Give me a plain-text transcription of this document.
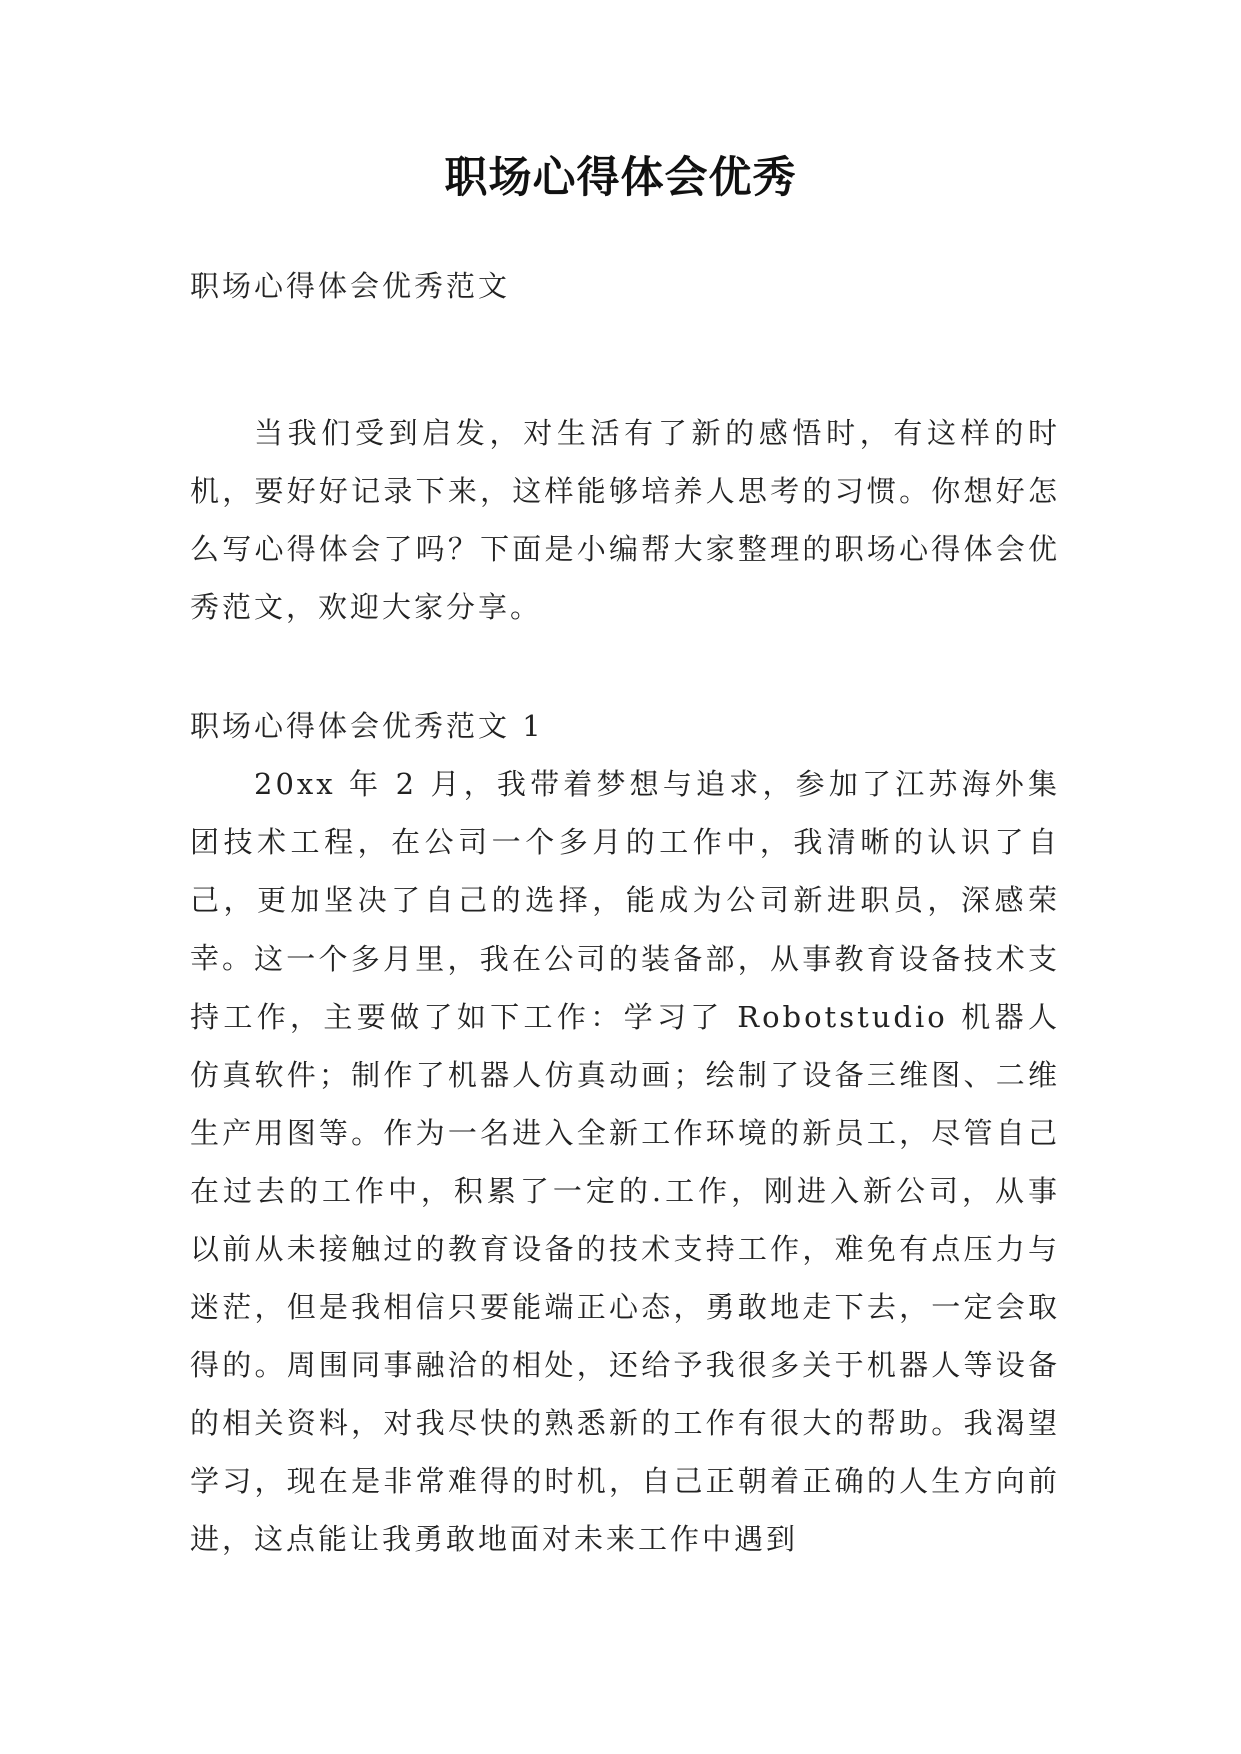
职场心得体会优秀

职场心得体会优秀范文

当我们受到启发，对生活有了新的感悟时，有这样的时机，要好好记录下来，这样能够培养人思考的习惯。你想好怎么写心得体会了吗？下面是小编帮大家整理的职场心得体会优秀范文，欢迎大家分享。

职场心得体会优秀范文 1

20xx 年 2 月，我带着梦想与追求，参加了江苏海外集团技术工程，在公司一个多月的工作中，我清晰的认识了自己，更加坚决了自己的选择，能成为公司新进职员，深感荣幸。 这一个多月里，我在公司的装备部，从事教育设备技术支持工作，主要做了如下工作：学习了 Robotstudio 机器人仿真软件；制作了机器人仿真动画；绘制了设备三维图、二维生产用图等。作为一名进入全新工作环境的新员工，尽管自己在过去的工作中，积累了一定的.工作，刚进入新公司，从事以前从未接触过的教育设备的技术支持工作，难免有点压力与迷茫，但是我相信只要能端正心态，勇敢地走下去，一定会取得的。周围同事融洽的相处，还给予我很多关于机器人等设备的相关资料，对我尽快的熟悉新的工作有很大的帮助。我渴望学习，现在是非常难得的时机，自己正朝着正确的人生方向前进，这点能让我勇敢地面对未来工作中遇到
